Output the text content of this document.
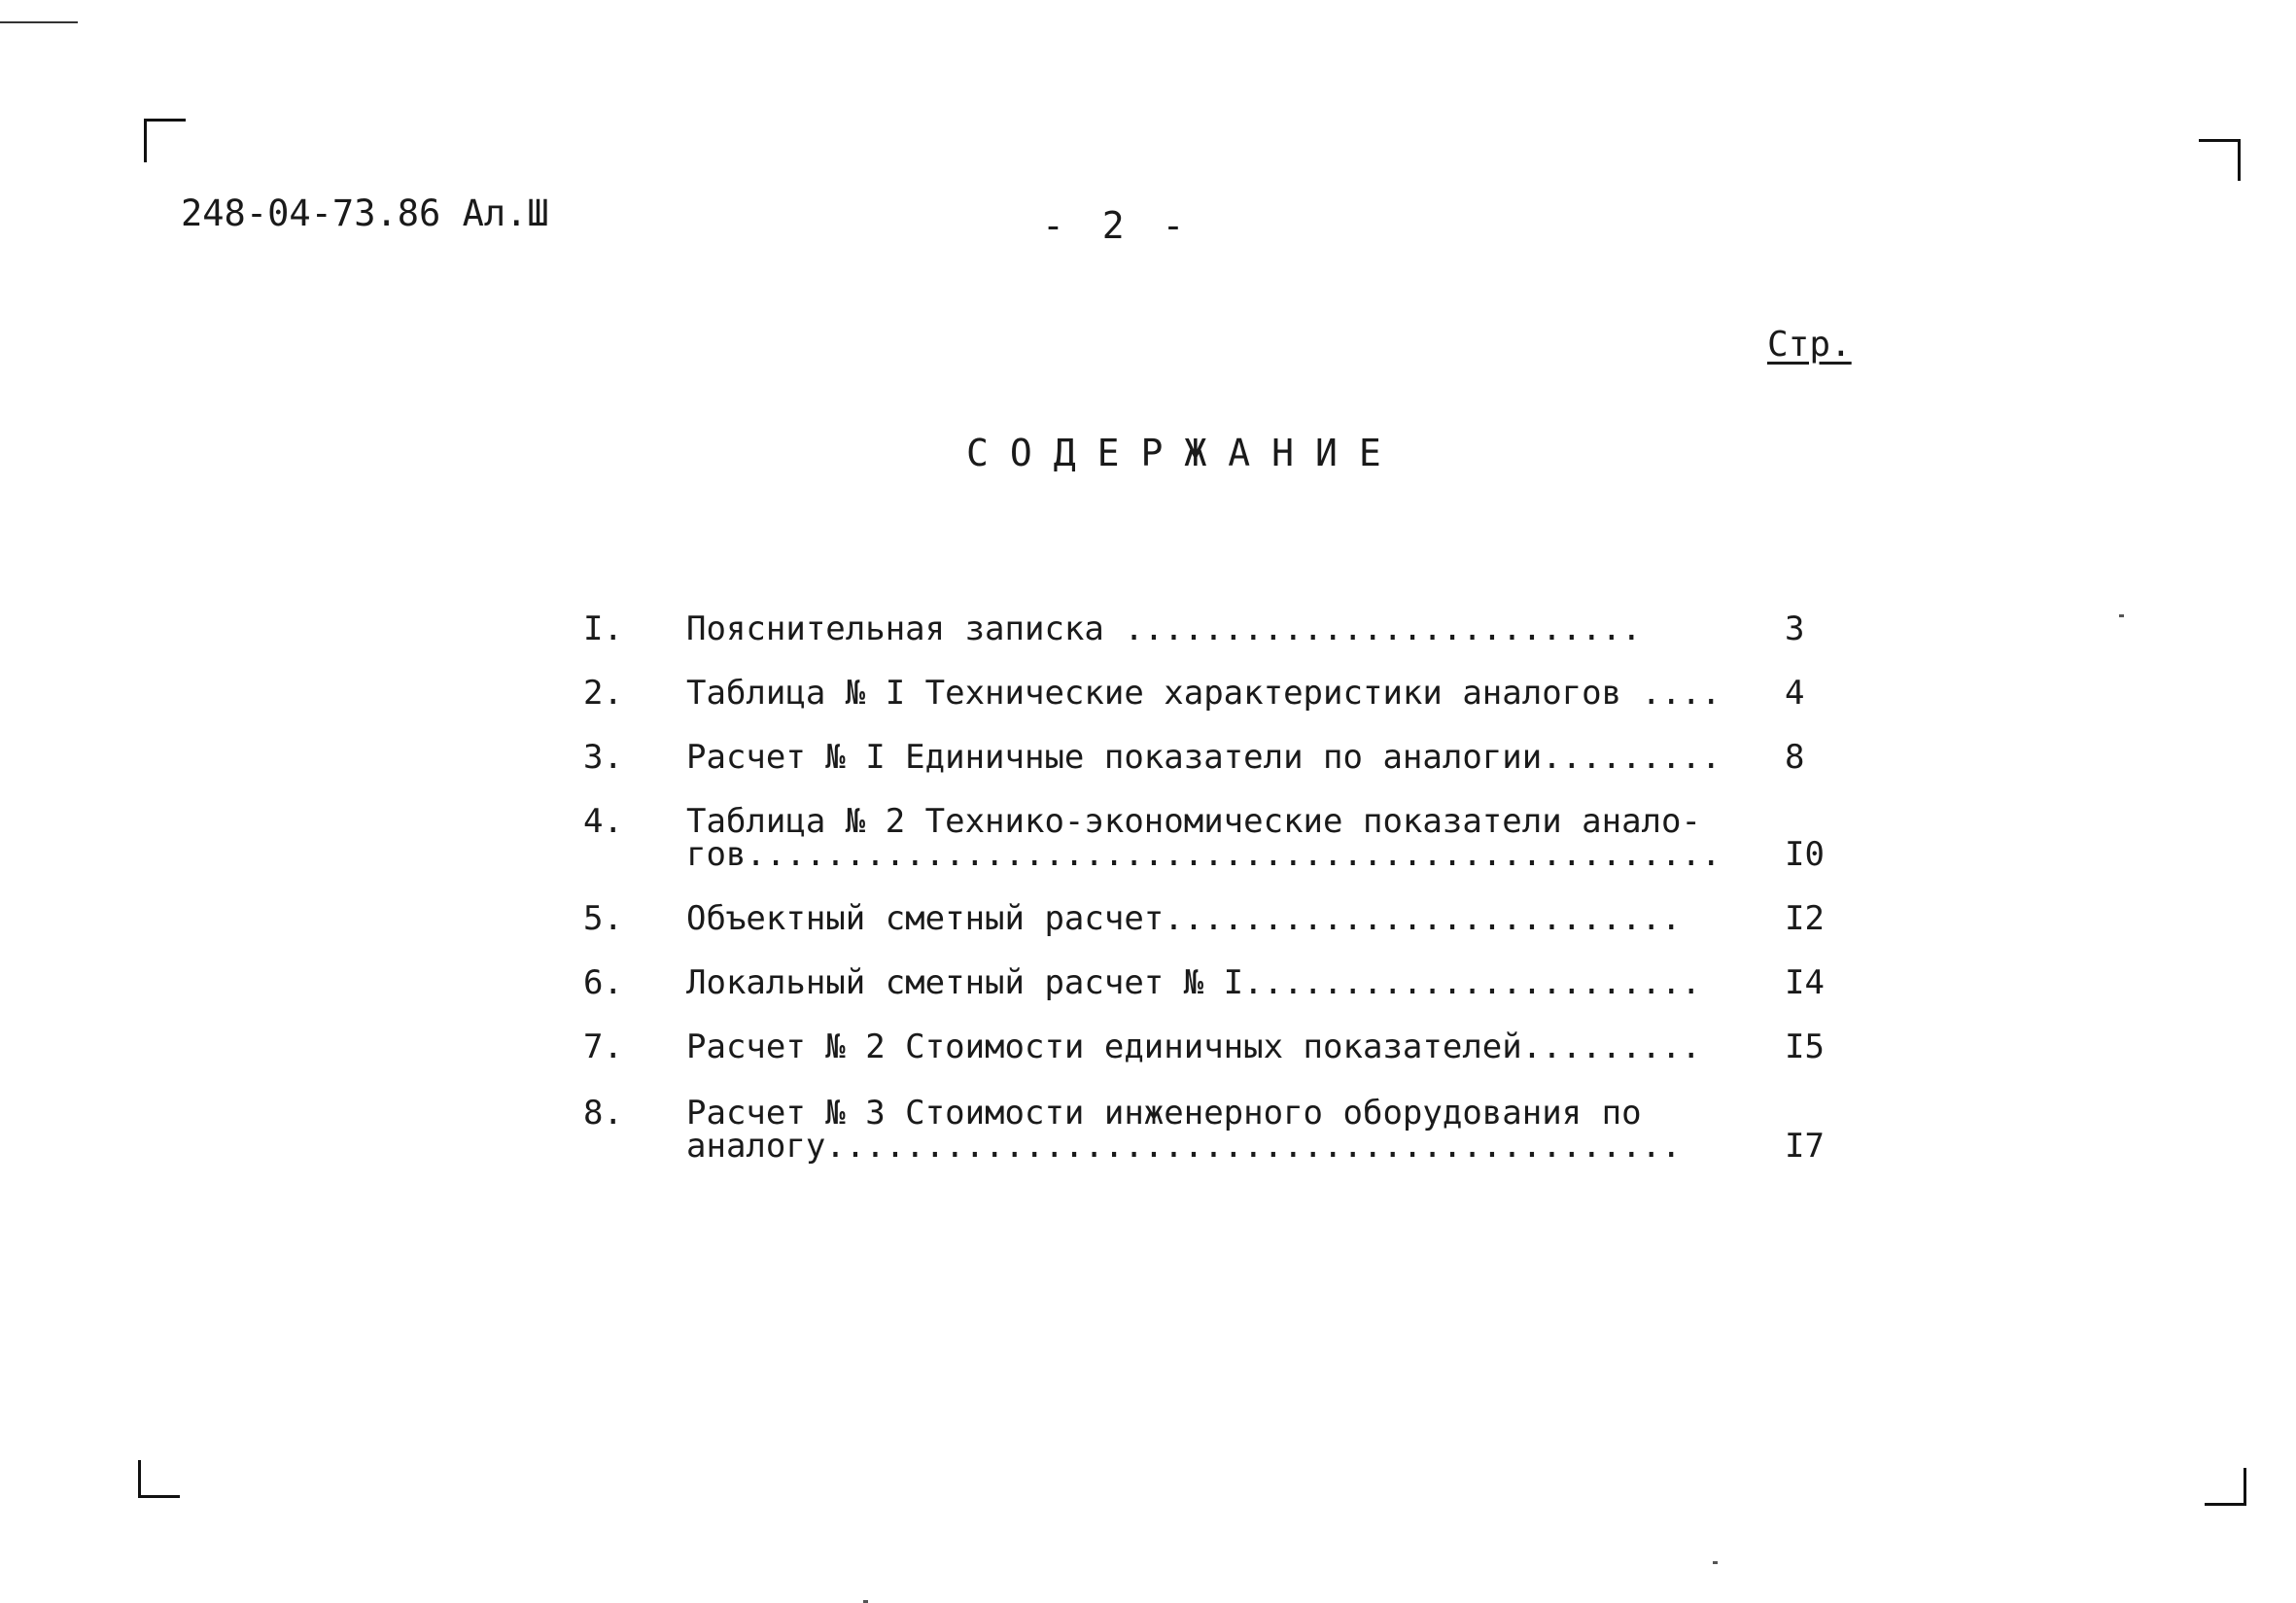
248-04-73.86 Ал.Ш	- 2 -
Стр.
СОДЕРЖАНИЕ
I. Пояснительная записка ..........................	3
2. Таблица № I Технические характеристики аналогов ....	4
3. Расчет № I Единичные показатели по аналогии.........	8
4. Таблица № 2 Технико-экономические показатели анало-
гов.................................................	I0
5. Объектный сметный расчет..........................	I2
6. Локальный сметный расчет № I.......................	I4
7. Расчет № 2 Стоимости единичных показателей.........	I5
8. Расчет № 3 Стоимости инженерного оборудования по
аналогу...........................................	I7
